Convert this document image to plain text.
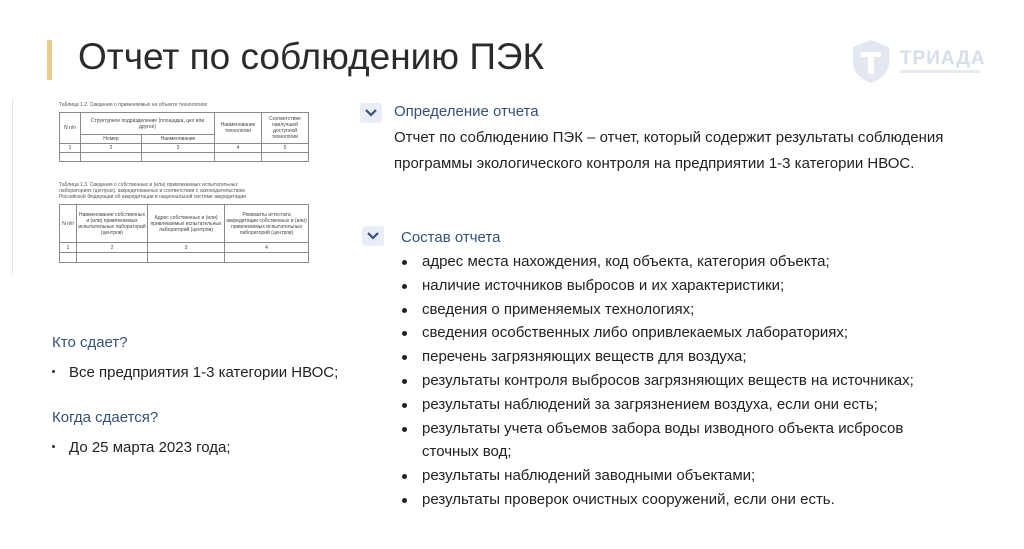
Отчет по соблюдению ПЭК	ТРИАДА
Таблица 1.2. Сведения о применяемых на объекте технологиях
N п/п	Структурное подразделение (площадка, цех или другое)		Наименование технологии	Соответствие наилучшей доступной технологии
	Номер	Наименование		
1	2	3	4	5

Таблица 1.3. Сведения о собственных и (или) привлекаемых испытательных лабораториях (центрах), аккредитованных в соответствии с законодательством Российской Федерации об аккредитации в национальной системе аккредитации
N п/п	Наименование собственных и (или) привлекаемых испытательных лабораторий (центров)	Адрес собственных и (или) привлекаемых испытательных лабораторий (центров)	Реквизиты аттестата аккредитации собственных и (или) привлекаемых испытательных лабораторий (центров)
1	2	3	4

Кто сдает?
Все предприятия 1-3 категории НВОС;
Когда сдается?
До 25 марта 2023 года;
Определение отчета
Отчет по соблюдению ПЭК – отчет, который содержит результаты соблюдения программы экологического контроля на предприятии 1-3 категории НВОС.
Состав отчета
адрес места нахождения, код объекта, категория объекта;
наличие источников выбросов и их характеристики;
сведения о применяемых технологиях;
сведения особственных либо опривлекаемых лабораториях;
перечень загрязняющих веществ для воздуха;
результаты контроля выбросов загрязняющих веществ на источниках;
результаты наблюдений за загрязнением воздуха, если они есть;
результаты учета объемов забора воды изводного объекта исбросов сточных вод;
результаты наблюдений заводными объектами;
результаты проверок очистных сооружений, если они есть.
